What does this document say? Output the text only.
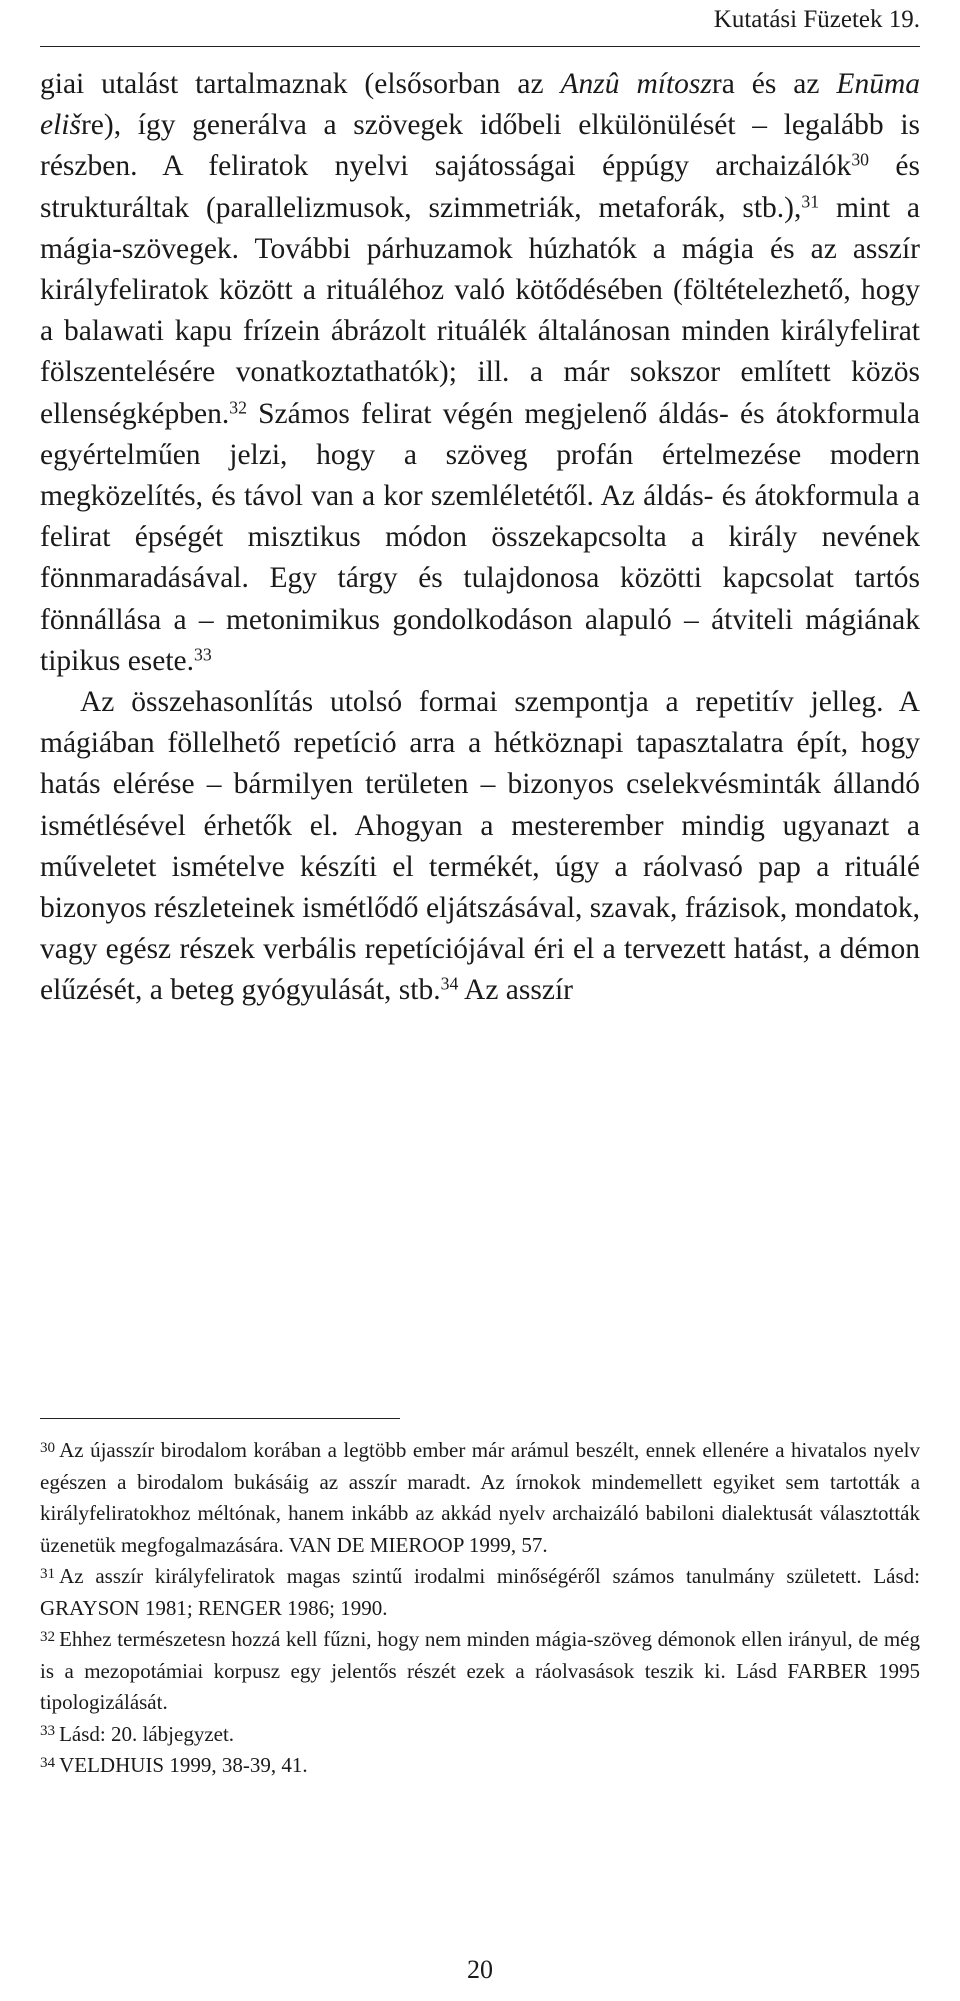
Kutatási Füzetek 19.

giai utalást tartalmaznak (elsősorban az Anzû mítoszra és az Enūma elišre), így generálva a szövegek időbeli elkülönülését – legalább is részben. A feliratok nyelvi sajátosságai éppúgy archaizálók$^{30}$ és strukturáltak (parallelizmusok, szimmetriák, metaforák, stb.),$^{31}$ mint a mágia-szövegek. További párhuzamok húzhatók a mágia és az asszír királyfeliratok között a rituáléhoz való kötődésében (föltételezhető, hogy a balawati kapu frízein ábrázolt rituálék általánosan minden királyfelirat fölszentelésére vonatkoztathatók); ill. a már sokszor említett közös ellenségképben.$^{32}$ Számos felirat végén megjelenő áldás- és átokformula egyértelműen jelzi, hogy a szöveg profán értelmezése modern megközelítés, és távol van a kor szemléletétől. Az áldás- és átokformula a felirat épségét misztikus módon összekapcsolta a király nevének fönnmaradásával. Egy tárgy és tulajdonosa közötti kapcsolat tartós fönnállása a – metonimikus gondolkodáson alapuló – átviteli mágiának tipikus esete.$^{33}$

Az összehasonlítás utolsó formai szempontja a repetitív jelleg. A mágiában föllelhető repetíció arra a hétköznapi tapasztalatra épít, hogy hatás elérése – bármilyen területen – bizonyos cselekvésminták állandó ismétlésével érhetők el. Ahogyan a mesterember mindig ugyanazt a műveletet ismételve készíti el termékét, úgy a ráolvasó pap a rituálé bizonyos részleteinek ismétlődő eljátszásával, szavak, frázisok, mondatok, vagy egész részek verbális repetíciójával éri el a tervezett hatást, a démon elűzését, a beteg gyógyulását, stb.$^{34}$ Az asszír

$^{30}$ Az újasszír birodalom korában a legtöbb ember már arámul beszélt, ennek ellenére a hivatalos nyelv egészen a birodalom bukásáig az asszír maradt. Az írnokok mindemellett egyiket sem tartották a királyfeliratokhoz méltónak, hanem inkább az akkád nyelv archaizáló babiloni dialektusát választották üzenetük megfogalmazására. VAN DE MIEROOP 1999, 57.

$^{31}$ Az asszír királyfeliratok magas szintű irodalmi minőségéről számos tanulmány született. Lásd: GRAYSON 1981; RENGER 1986; 1990.

$^{32}$ Ehhez természetesn hozzá kell fűzni, hogy nem minden mágia-szöveg démonok ellen irányul, de még is a mezopotámiai korpusz egy jelentős részét ezek a ráolvasások teszik ki. Lásd FARBER 1995 tipologizálását.

$^{33}$ Lásd: 20. lábjegyzet.

$^{34}$ VELDHUIS 1999, 38-39, 41.

20
